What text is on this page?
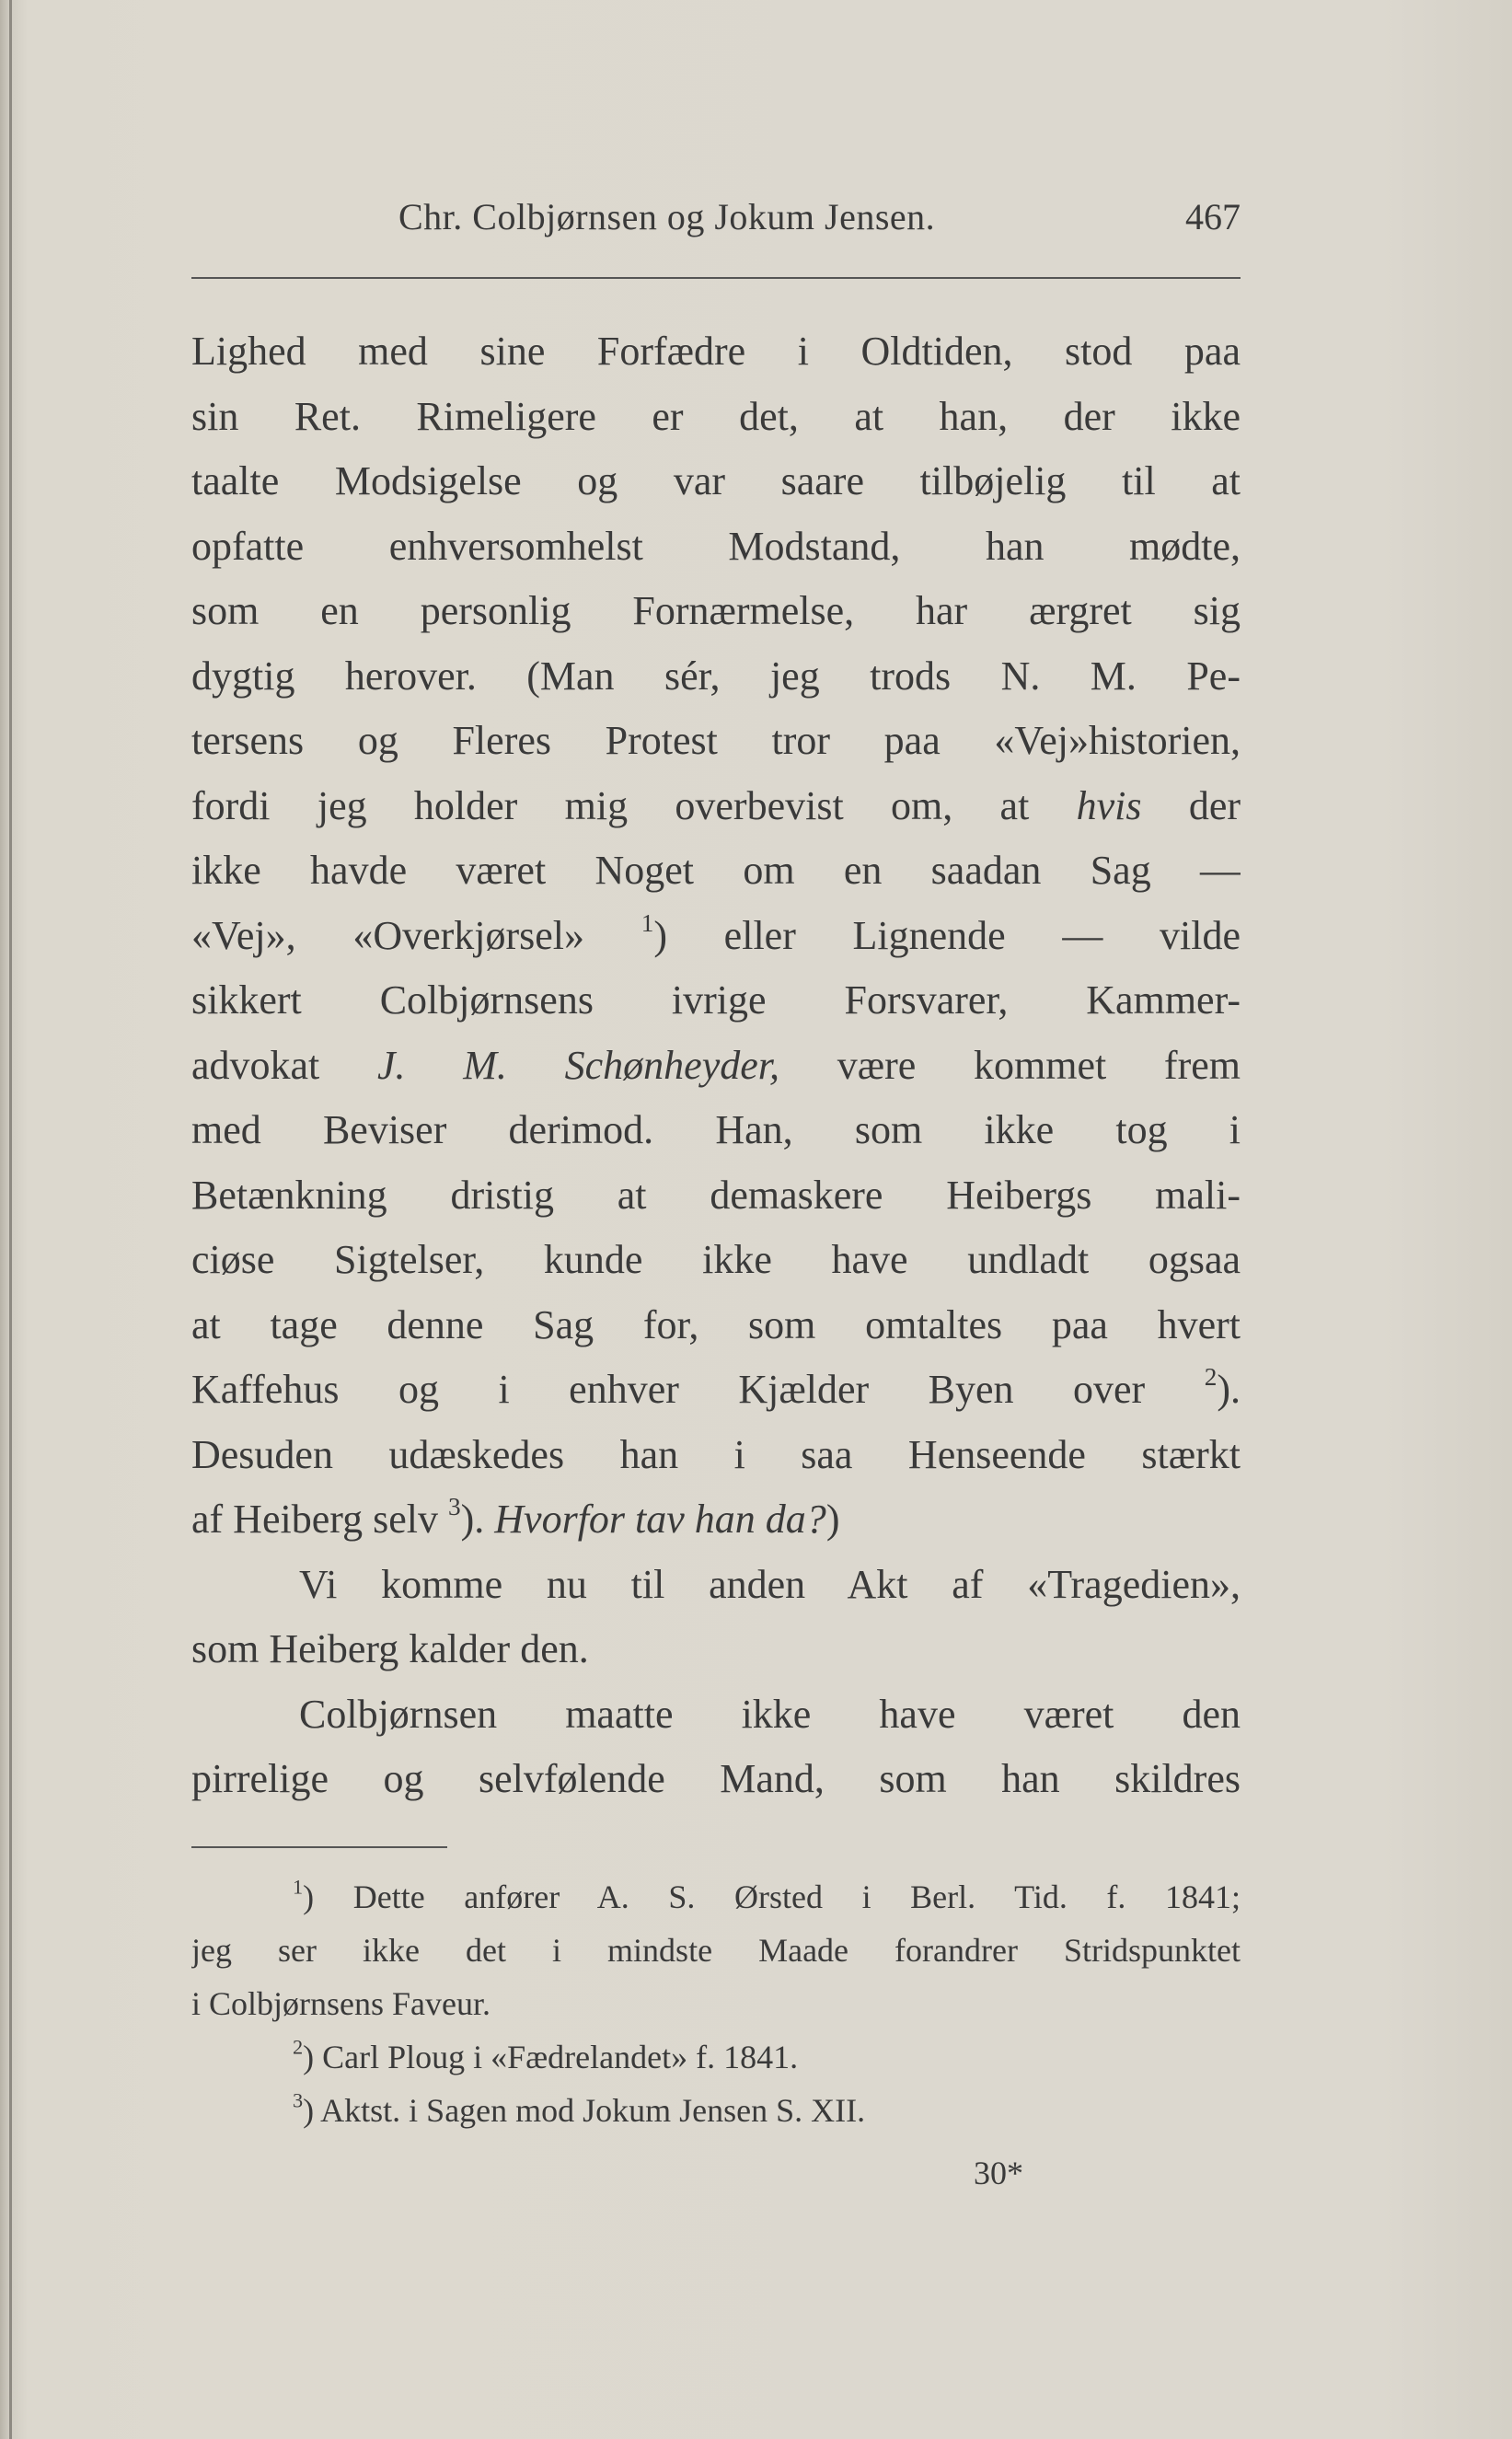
Chr. Colbjørnsen og Jokum Jensen.	467
Lighed med sine Forfædre i Oldtiden, stod paa
sin Ret. Rimeligere er det, at han, der ikke
taalte Modsigelse og var saare tilbøjelig til at
opfatte enhversomhelst Modstand, han mødte,
som en personlig Fornærmelse, har ærgret sig
dygtig herover. (Man sér, jeg trods N. M. Pe-
tersens og Fleres Protest tror paa «Vej»historien,
fordi jeg holder mig overbevist om, at hvis der
ikke havde været Noget om en saadan Sag —
«Vej», «Overkjørsel» $^1$) eller Lignende — vilde
sikkert Colbjørnsens ivrige Forsvarer, Kammer-
advokat J. M. Schønheyder, være kommet frem
med Beviser derimod. Han, som ikke tog i
Betænkning dristig at demaskere Heibergs mali-
ciøse Sigtelser, kunde ikke have undladt ogsaa
at tage denne Sag for, som omtaltes paa hvert
Kaffehus og i enhver Kjælder Byen over $^2$).
Desuden udæskedes han i saa Henseende stærkt
af Heiberg selv $^3$). Hvorfor tav han da?)
Vi komme nu til anden Akt af «Tragedien»,
som Heiberg kalder den.
Colbjørnsen maatte ikke have været den
pirrelige og selvfølende Mand, som han skildres
$^1$) Dette anfører A. S. Ørsted i Berl. Tid. f. 1841;
jeg ser ikke det i mindste Maade forandrer Stridspunktet
i Colbjørnsens Faveur.
$^2$) Carl Ploug i «Fædrelandet» f. 1841.
$^3$) Aktst. i Sagen mod Jokum Jensen S. XII.
30*
